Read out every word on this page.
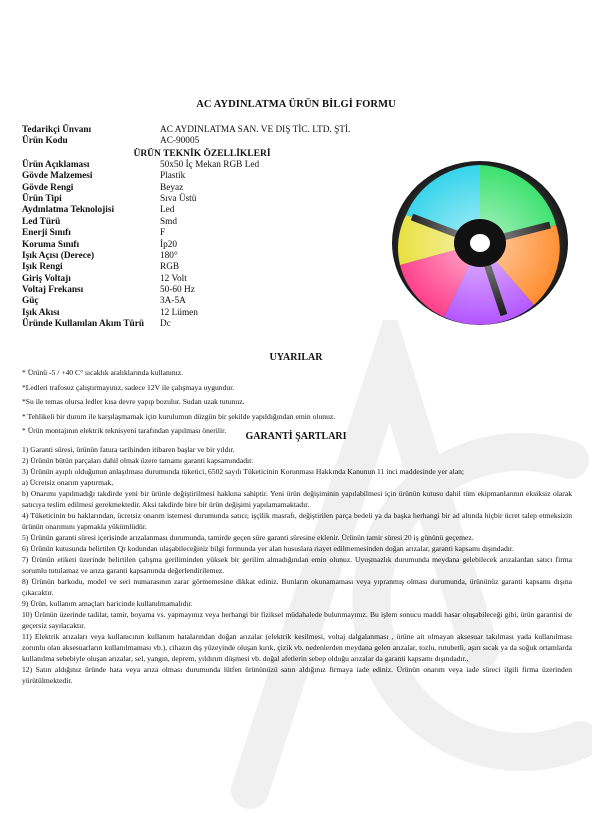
AC AYDINLATMA ÜRÜN BİLGİ FORMU
Tedarikçi Ünvanı	AC AYDINLATMA SAN. VE DIŞ TİC. LTD. ŞTİ.
Ürün Kodu	AC-90005
ÜRÜN TEKNİK ÖZELLİKLERİ
Ürün Açıklaması	50x50 İç Mekan RGB Led
Gövde Malzemesi	Plastik
Gövde Rengi	Beyaz
Ürün Tipi	Sıva Üstü
Aydınlatma Teknolojisi	Led
Led Türü	Smd
Enerji Sınıfı	F
Koruma Sınıfı	İp20
Işık Açısı (Derece)	180°
Işık Rengi	RGB
Giriş Voltajı	12 Volt
Voltaj Frekansı	50-60 Hz
Güç	3A-5A
Işık Akısı	12 Lümen
Üründe Kullanılan Akım Türü	Dc
UYARILAR

* Ürünü -5 / +40 C° sıcaklık aralıklarında kullanınız.

*Ledleri trafosuz çalıştırmayınız, sadece 12V ile çalışmaya uygundur.

*Su ile temas olursa ledler kısa devre yapıp bozulur. Sudan uzak tutunuz.

* Tehlikeli bir durum ile karşılaşmamak için kurulumun düzgün bir şekilde yapıldığından emin olunuz.

* Ürün montajının elektrik teknisyeni tarafından yapılması önerilir.

GARANTİ ŞARTLARI

1) Garanti süresi, ürünün fatura tarihinden itibaren başlar ve bir yıldır.

2) Ürünün bütün parçaları dahil olmak üzere tamamı garanti kapsamındadır.

3) Ürünün ayıplı olduğunun anlaşılması durumunda tüketici, 6502 sayılı Tüketicinin Korunması Hakkında Kanunun 11 inci maddesinde yer alan;

a) Ücretsiz onarım yaptırmak,

b) Onarımı yapılmadığı takdirde yeni bir ürünle değiştirilmesi hakkına sahiptir. Yeni ürün değişiminin yapılabilmesi için ürünün kutusu dahil tüm ekipmanlarının eksiksiz olarak satıcıya teslim edilmesi gerekmektedir. Aksi takdirde bire bir ürün değişimi yapılamamaktadır.

4) Tüketicinin bu haklarından, ücretsiz onarım istemesi durumunda satıcı; işçilik masrafı, değiştirilen parça bedeli ya da başka herhangi bir ad altında hiçbir ücret talep etmeksizin ürünün onarımını yapmakla yükümlüdür.

5) Ürünün garanti süresi içerisinde arızalanması durumunda, tamirde geçen süre garanti süresine eklenir. Ürünün tamir süresi 20 iş gününü geçemez.

6) Ürünün kutusunda belirtilen Qr kodundan ulaşabileceğiniz bilgi formunda yer alan hususlara riayet edilmemesinden doğan arızalar, garanti kapsamı dışındadır.

7) Ürünün etiketi üzerinde belirtilen çalışma geriliminden yüksek bir gerilim almadığından emin olunuz. Uyuşmazlık durumunda meydana gelebilecek arızalardan satıcı firma sorumlu tutulamaz ve arıza garanti kapsamında değerlendirilemez.

8) Ürünün barkodu, model ve seri numarasının zarar görmemesine dikkat ediniz. Bunların okunamaması veya yıpranmış olması durumunda, ürününüz garanti kapsamı dışına çıkacaktır.

9) Ürün, kullanım amaçları haricinde kullanılmamalıdır.

10) Ürünün üzerinde tadilat, tamir, boyama vs. yapmayınız veya herhangi bir fiziksel müdahalede bulunmayınız. Bu işlem sonucu maddi hasar oluşabileceği gibi, ürün garantisi de geçersiz sayılacaktır.

11) Elektrik arızaları veya kullanıcının kullanım hatalarından doğan arızalar (elektrik kesilmesi, voltaj dalgalanması , ürüne ait olmayan aksesuar takılması yada kullanılması zorunlu olan aksesuarların kullanılmaması vb.), cihazın dış yüzeyinde oluşan kırık, çizik vb. nedenlerden meydana gelen arızalar, tozlu, rutubetli, aşırı sıcak ya da soğuk ortamlarda kullanılma sebebiyle oluşan arızalar, sel, yangın, deprem, yıldırım düşmesi vb. doğal afetlerin sebep olduğu arızalar da garanti kapsamı dışındadır.,

12) Satın aldığınız üründe hata veya arıza olması durumunda lütfen ürününüzü satın aldığınız firmaya iade ediniz. Ürünün onarım veya iade süreci ilgili firma üzerinden yürütülmektedir.
